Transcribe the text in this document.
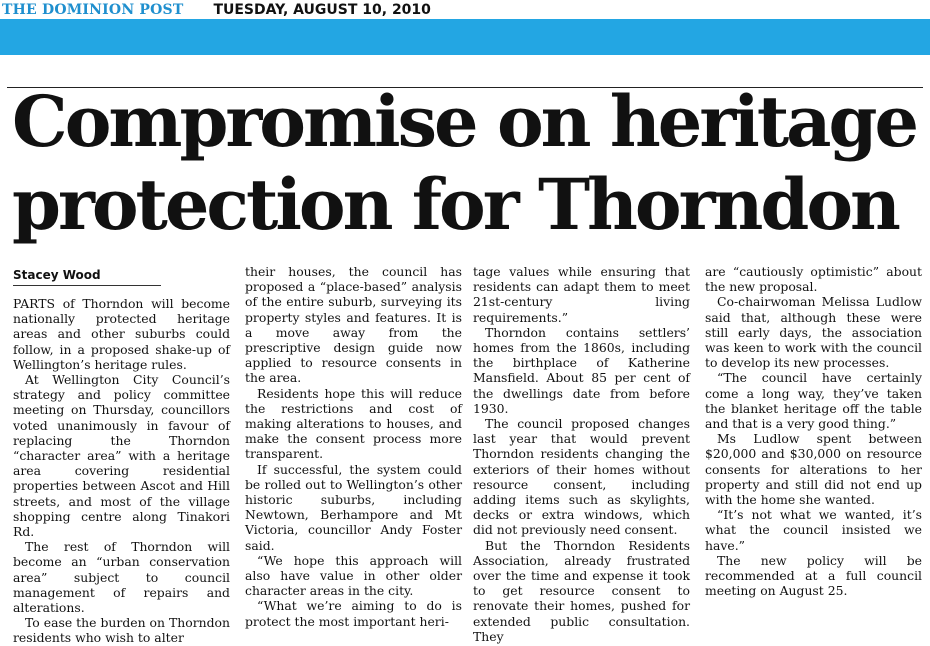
THE DOMINION POST TUESDAY, AUGUST 10, 2010
Compromise on heritage
protection for Thorndon
Stacey Wood

PARTS of Thorndon will become nationally protected heritage areas and other suburbs could follow, in a proposed shake-up of Wellington’s heritage rules.

At Wellington City Council’s strategy and policy committee meeting on Thursday, councillors voted unanimously in favour of replacing the Thorndon “character area” with a heritage area covering residential properties between Ascot and Hill streets, and most of the village shopping centre along Tinakori Rd.

The rest of Thorndon will become an “urban conservation area” subject to council management of repairs and alterations.

To ease the burden on Thorndon residents who wish to alter

their houses, the council has proposed a “place-based” analysis of the entire suburb, surveying its property styles and features. It is a move away from the prescriptive design guide now applied to resource consents in the area.

Residents hope this will reduce the restrictions and cost of making alterations to houses, and make the consent process more transparent.

If successful, the system could be rolled out to Wellington’s other historic suburbs, including Newtown, Berhampore and Mt Victoria, councillor Andy Foster said.

“We hope this approach will also have value in other older character areas in the city.

“What we’re aiming to do is protect the most important heri-

tage values while ensuring that residents can adapt them to meet 21st-century living requirements.”

Thorndon contains settlers’ homes from the 1860s, including the birthplace of Katherine Mansfield. About 85 per cent of the dwellings date from before 1930.

The council proposed changes last year that would prevent Thorndon residents changing the exteriors of their homes without resource consent, including adding items such as skylights, decks or extra windows, which did not previously need consent.

But the Thorndon Residents Association, already frustrated over the time and expense it took to get resource consent to renovate their homes, pushed for extended public consultation. They

are “cautiously optimistic” about the new proposal.

Co-chairwoman Melissa Ludlow said that, although these were still early days, the association was keen to work with the council to develop its new processes.

“The council have certainly come a long way, they’ve taken the blanket heritage off the table and that is a very good thing.”

Ms Ludlow spent between $20,000 and $30,000 on resource consents for alterations to her property and still did not end up with the home she wanted.

“It’s not what we wanted, it’s what the council insisted we have.”

The new policy will be recommended at a full council meeting on August 25.
